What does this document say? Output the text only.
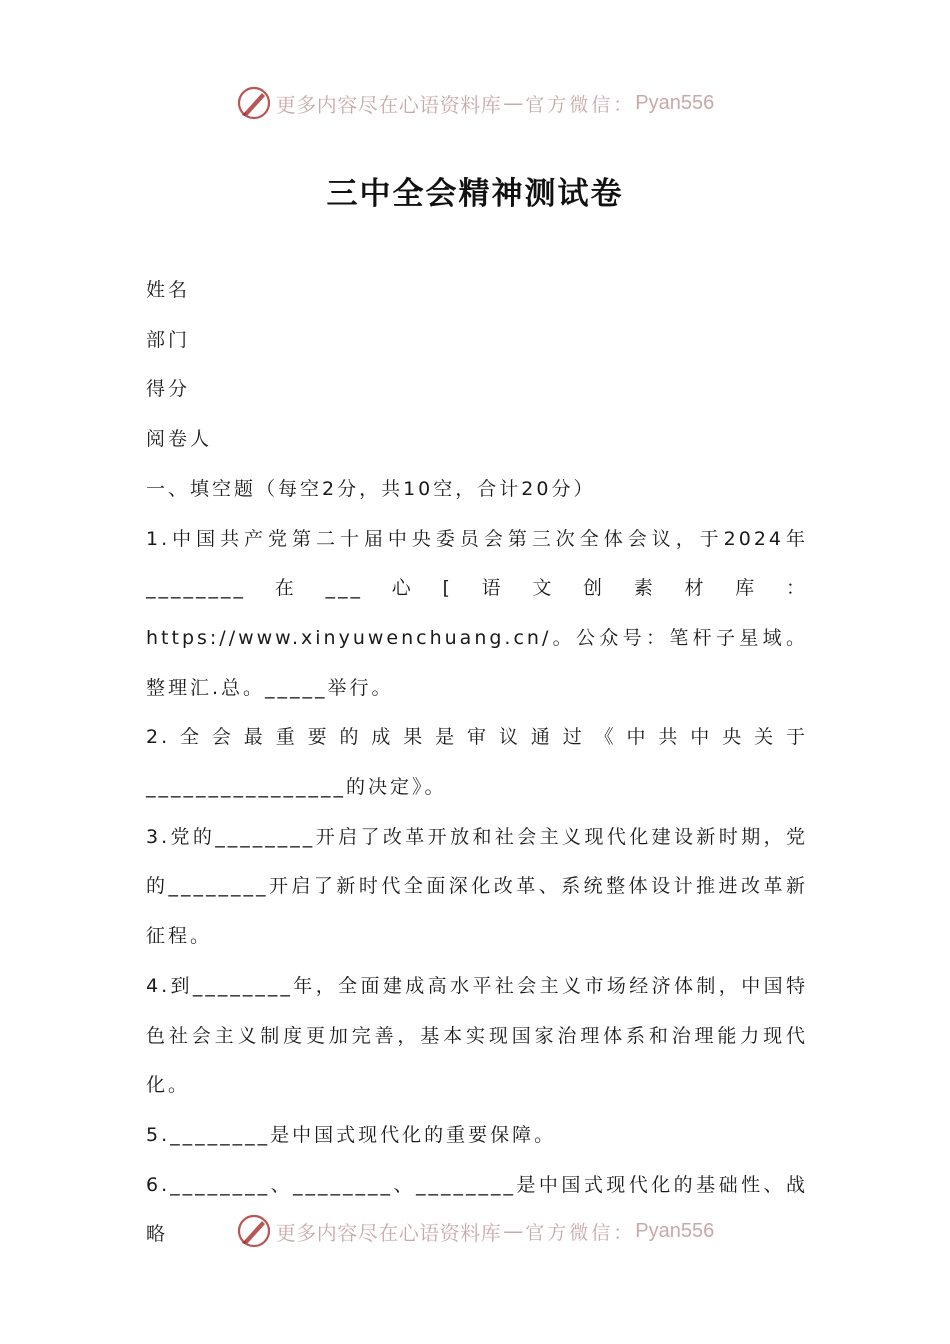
更多内容尽在心语资料库 — 官方微信： Pyan556
三中全会精神测试卷

姓名

部门

得分

阅卷人

一、填空题（每空2分，共10空，合计20分）

1.中国共产党第二十届中央委员会第三次全体会议，于2024年________在___心[语文创素材库：https://www.xinyuwenchuang.cn/。公众号：笔杆子星域。整理汇.总。_____举行。

2.全会最重要的成果是审议通过《中共中央关于________________的决定》。

3.党的________开启了改革开放和社会主义现代化建设新时期，党的________开启了新时代全面深化改革、系统整体设计推进改革新征程。

4.到________年，全面建成高水平社会主义市场经济体制，中国特色社会主义制度更加完善，基本实现国家治理体系和治理能力现代化。

5.________是中国式现代化的重要保障。

6.________、________、________是中国式现代化的基础性、战略	更多内容尽在心语资料库 — 官方微信： Pyan556
